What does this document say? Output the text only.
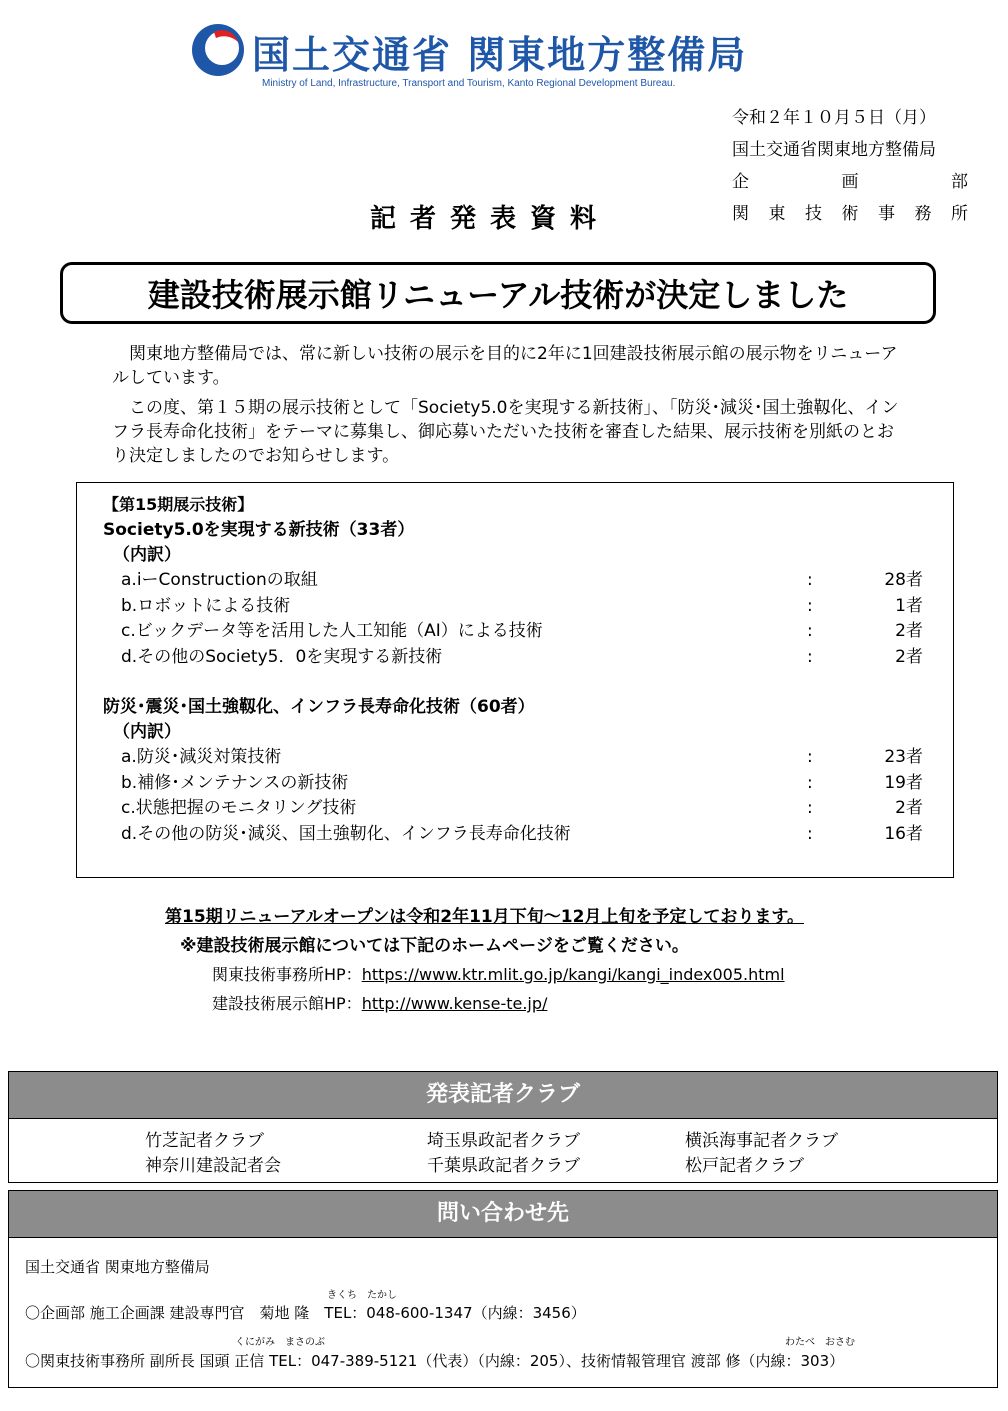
国土交通省 関東地方整備局
Ministry of Land, Infrastructure, Transport and Tourism, Kanto Regional Development Bureau.
令和２年１０月５日（月）
国土交通省関東地方整備局
企	画	部
関 東 技 術 事 務 所
記者発表資料
建設技術展示館リニューアル技術が決定しました

関東地方整備局では、常に新しい技術の展示を目的に2年に1回建設技術展示館の展示物をリニューアルしています。

この度、第１５期の展示技術として「Society5.0を実現する新技術」、「防災･減災･国土強靱化、インフラ長寿命化技術」をテーマに募集し、御応募いただいた技術を審査した結果、展示技術を別紙のとおり決定しましたのでお知らせします。

【第15期展示技術】
Society5.0を実現する新技術（33者）
（内訳）
a.iーConstructionの取組	:	28者
b.ロボットによる技術	:	1者
c.ビックデータ等を活用した人工知能（AI）による技術	:	2者
d.その他のSociety5．0を実現する新技術	:	2者
防災･震災･国土強靱化、インフラ長寿命化技術（60者）
（内訳）
a.防災･減災対策技術	:	23者
b.補修･メンテナンスの新技術	:	19者
c.状態把握のモニタリング技術	:	2者
d.その他の防災･減災、国土強靭化、インフラ長寿命化技術	:	16者
第15期リニューアルオープンは令和2年11月下旬～12月上旬を予定しております。
※建設技術展示館については下記のホームページをご覧ください。
関東技術事務所HP：https://www.ktr.mlit.go.jp/kangi/kangi_index005.html
建設技術展示館HP：http://www.kense-te.jp/
発表記者クラブ
竹芝記者クラブ	埼玉県政記者クラブ	横浜海事記者クラブ
神奈川建設記者会	千葉県政記者クラブ	松戸記者クラブ
問い合わせ先
国土交通省 関東地方整備局
きくち　たかし
〇企画部 施工企画課 建設専門官　菊地 隆　TEL：048-600-1347（内線：3456）
くにがみ　まさのぶ	わたべ　おさむ
〇関東技術事務所 副所長 国頭 正信 TEL：047-389-5121（代表）（内線：205）、技術情報管理官 渡部 修（内線：303）
